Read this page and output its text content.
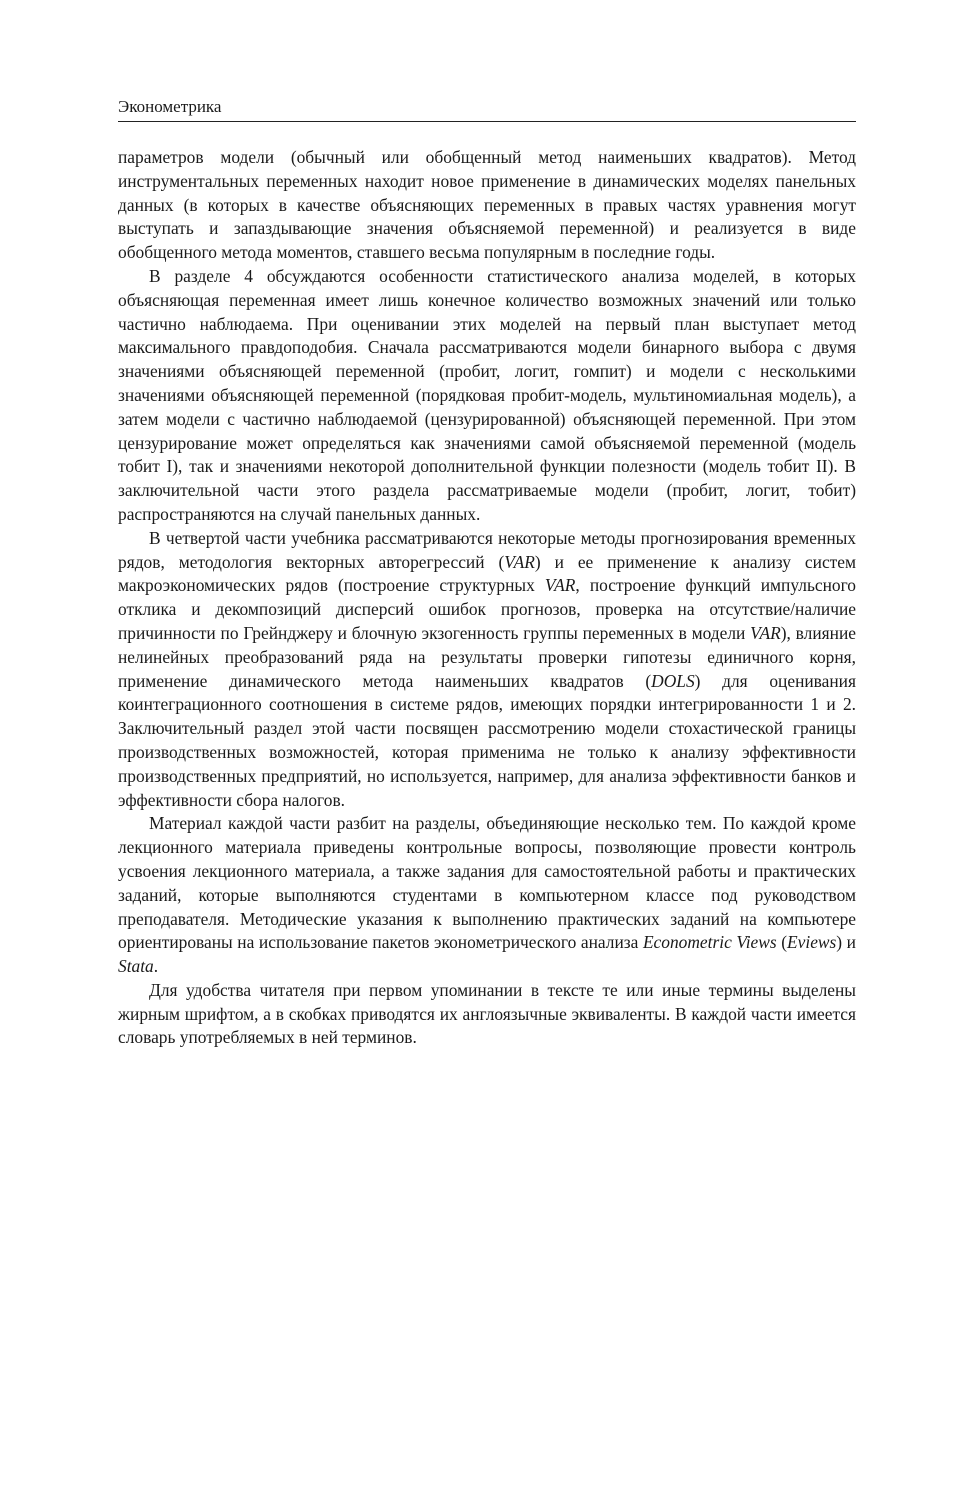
Эконометрика

параметров модели (обычный или обобщенный метод наименьших квадратов). Метод инструментальных переменных находит новое применение в динамических моделях панельных данных (в которых в качестве объясняющих переменных в правых частях уравнения могут выступать и запаздывающие значения объясняемой переменной) и реализуется в виде обобщенного метода моментов, ставшего весьма популярным в последние годы.

В разделе 4 обсуждаются особенности статистического анализа моделей, в которых объясняющая переменная имеет лишь конечное количество возможных значений или только частично наблюдаема. При оценивании этих моделей на первый план выступает метод максимального правдоподобия. Сначала рассматриваются модели бинарного выбора с двумя значениями объясняющей переменной (пробит, логит, гомпит) и модели с несколькими значениями объясняющей переменной (порядковая пробит-модель, мультиномиальная модель), а затем модели с частично наблюдаемой (цензурированной) объясняющей переменной. При этом цензурирование может определяться как значениями самой объясняемой переменной (модель тобит I), так и значениями некоторой дополнительной функции полезности (модель тобит II). В заключительной части этого раздела рассматриваемые модели (пробит, логит, тобит) распространяются на случай панельных данных.

В четвертой части учебника рассматриваются некоторые методы прогнозирования временных рядов, методология векторных авторегрессий (VAR) и ее применение к анализу систем макроэкономических рядов (построение структурных VAR, построение функций импульсного отклика и декомпозиций дисперсий ошибок прогнозов, проверка на отсутствие/наличие причинности по Грейнджеру и блочную экзогенность группы переменных в модели VAR), влияние нелинейных преобразований ряда на результаты проверки гипотезы единичного корня, применение динамического метода наименьших квадратов (DOLS) для оценивания коинтеграционного соотношения в системе рядов, имеющих порядки интегрированности 1 и 2. Заключительный раздел этой части посвящен рассмотрению модели стохастической границы производственных возможностей, которая применима не только к анализу эффективности производственных предприятий, но используется, например, для анализа эффективности банков и эффективности сбора налогов.

Материал каждой части разбит на разделы, объединяющие несколько тем. По каждой кроме лекционного материала приведены контрольные вопросы, позволяющие провести контроль усвоения лекционного материала, а также задания для самостоятельной работы и практических заданий, которые выполняются студентами в компьютерном классе под руководством преподавателя. Методические указания к выполнению практических заданий на компьютере ориентированы на использование пакетов эконометрического анализа Econometric Views (Eviews) и Stata.

Для удобства читателя при первом упоминании в тексте те или иные термины выделены жирным шрифтом, а в скобках приводятся их англоязычные эквиваленты. В каждой части имеется словарь употребляемых в ней терминов.
